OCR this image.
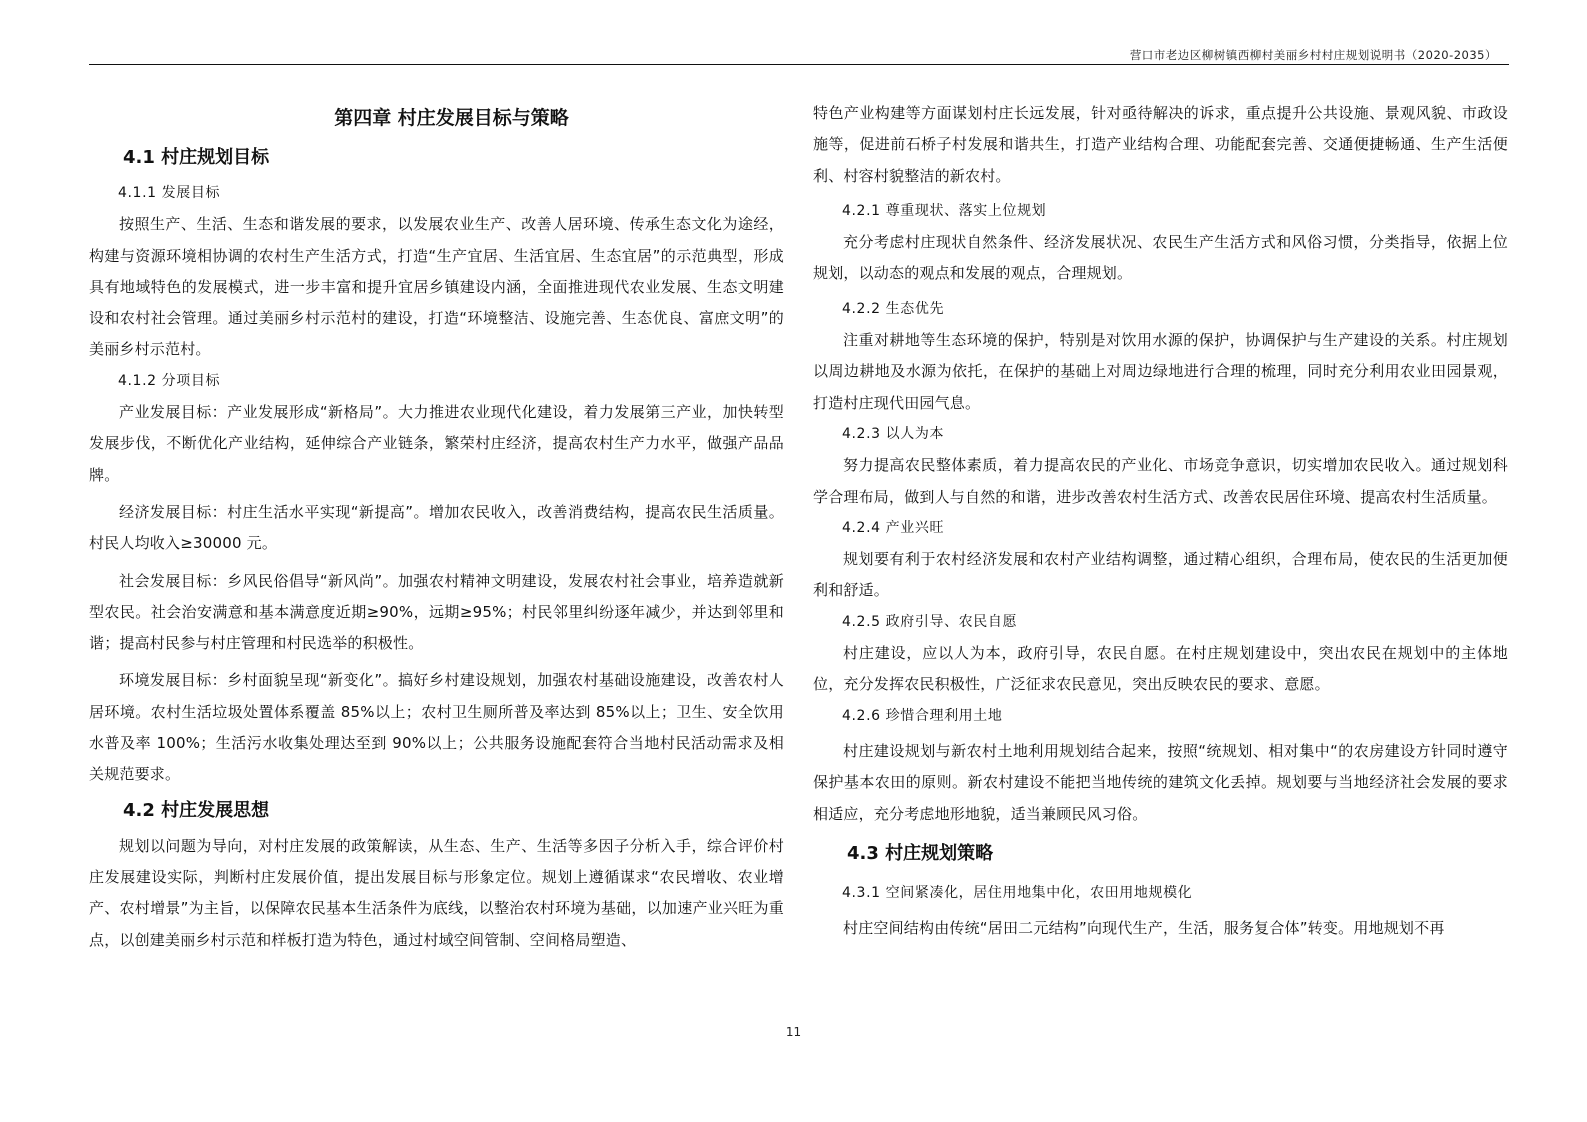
营口市老边区柳树镇西柳村美丽乡村村庄规划说明书（2020-2035）
第四章 村庄发展目标与策略
4.1 村庄规划目标
4.1.1 发展目标

按照生产、生活、生态和谐发展的要求，以发展农业生产、改善人居环境、传承生态文化为途经，构建与资源环境相协调的农村生产生活方式，打造“生产宜居、生活宜居、生态宜居”的示范典型，形成具有地域特色的发展模式，进一步丰富和提升宜居乡镇建设内涵，全面推进现代农业发展、生态文明建设和农村社会管理。通过美丽乡村示范村的建设，打造“环境整洁、设施完善、生态优良、富庶文明”的美丽乡村示范村。

4.1.2 分项目标

产业发展目标：产业发展形成“新格局”。大力推进农业现代化建设，着力发展第三产业，加快转型发展步伐，不断优化产业结构，延伸综合产业链条，繁荣村庄经济，提高农村生产力水平，做强产品品牌。

经济发展目标：村庄生活水平实现“新提高”。增加农民收入，改善消费结构，提高农民生活质量。村民人均收入≥30000 元。

社会发展目标：乡风民俗倡导“新风尚”。加强农村精神文明建设，发展农村社会事业，培养造就新型农民。社会治安满意和基本满意度近期≥90%，远期≥95%；村民邻里纠纷逐年减少，并达到邻里和谐；提高村民参与村庄管理和村民选举的积极性。

环境发展目标：乡村面貌呈现“新变化”。搞好乡村建设规划，加强农村基础设施建设，改善农村人居环境。农村生活垃圾处置体系覆盖 85%以上；农村卫生厕所普及率达到 85%以上；卫生、安全饮用水普及率 100%；生活污水收集处理达至到 90%以上；公共服务设施配套符合当地村民活动需求及相关规范要求。

4.2 村庄发展思想

规划以问题为导向，对村庄发展的政策解读，从生态、生产、生活等多因子分析入手，综合评价村庄发展建设实际，判断村庄发展价值，提出发展目标与形象定位。规划上遵循谋求“农民增收、农业增产、农村增景”为主旨，以保障农民基本生活条件为底线，以整治农村环境为基础，以加速产业兴旺为重点，以创建美丽乡村示范和样板打造为特色，通过村域空间管制、空间格局塑造、

特色产业构建等方面谋划村庄长远发展，针对亟待解决的诉求，重点提升公共设施、景观风貌、市政设施等，促进前石桥子村发展和谐共生，打造产业结构合理、功能配套完善、交通便捷畅通、生产生活便利、村容村貌整洁的新农村。

4.2.1 尊重现状、落实上位规划

充分考虑村庄现状自然条件、经济发展状况、农民生产生活方式和风俗习惯，分类指导，依据上位规划，以动态的观点和发展的观点，合理规划。

4.2.2 生态优先

注重对耕地等生态环境的保护，特别是对饮用水源的保护，协调保护与生产建设的关系。村庄规划以周边耕地及水源为依托，在保护的基础上对周边绿地进行合理的梳理，同时充分利用农业田园景观，打造村庄现代田园气息。

4.2.3 以人为本

努力提高农民整体素质，着力提高农民的产业化、市场竞争意识，切实增加农民收入。通过规划科学合理布局，做到人与自然的和谐，进步改善农村生活方式、改善农民居住环境、提高农村生活质量。

4.2.4 产业兴旺

规划要有利于农村经济发展和农村产业结构调整，通过精心组织，合理布局，使农民的生活更加便利和舒适。

4.2.5 政府引导、农民自愿

村庄建设，应以人为本，政府引导，农民自愿。在村庄规划建设中，突出农民在规划中的主体地位，充分发挥农民积极性，广泛征求农民意见，突出反映农民的要求、意愿。

4.2.6 珍惜合理利用土地

村庄建设规划与新农村土地利用规划结合起来，按照“统规划、相对集中“的农房建设方针同时遵守保护基本农田的原则。新农村建设不能把当地传统的建筑文化丢掉。规划要与当地经济社会发展的要求相适应，充分考虑地形地貌，适当兼顾民风习俗。

4.3 村庄规划策略
4.3.1 空间紧凑化，居住用地集中化，农田用地规模化

村庄空间结构由传统“居田二元结构”向现代生产，生活，服务复合体”转变。用地规划不再

11
